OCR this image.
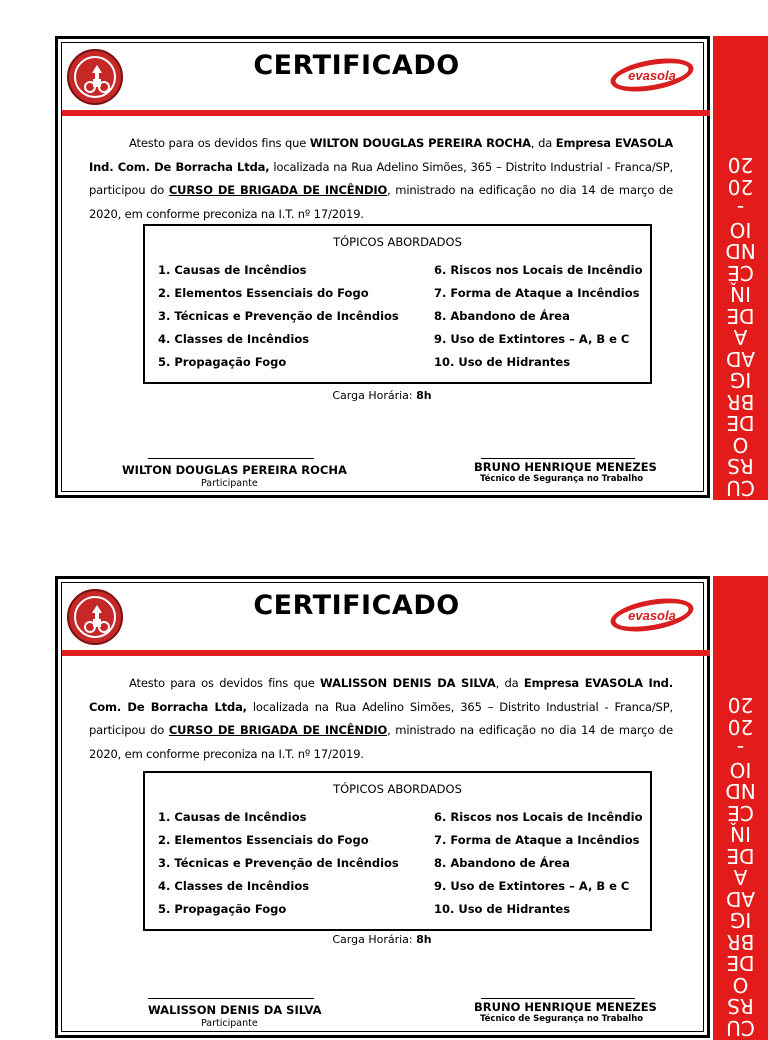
CERTIFICADO	evasola
Atesto para os devidos fins que WILTON DOUGLAS PEREIRA ROCHA, da Empresa EVASOLA Ind. Com. De Borracha Ltda, localizada na Rua Adelino Simões, 365 – Distrito Industrial - Franca/SP, participou do CURSO DE BRIGADA DE INCÊNDIO, ministrado na edificação no dia 14 de março de 2020, em conforme preconiza na I.T. nº 17/2019.
TÓPICOS ABORDADOS
1. Causas de Incêndios
2. Elementos Essenciais do Fogo
3. Técnicas e Prevenção de Incêndios
4. Classes de Incêndios
5. Propagação Fogo
6. Riscos nos Locais de Incêndio
7. Forma de Ataque a Incêndios
8. Abandono de Área
9. Uso de Extintores – A, B e C
10. Uso de Hidrantes
Carga Horária: 8h
WILTON DOUGLAS PEREIRA ROCHA
Participante
BRUNO HENRIQUE MENEZES
Técnico de Segurança no Trabalho	CU
RS
O
DE
BR
IG
AD
A
DE
IN
CÊ
ND
IO
-
20
20
CERTIFICADO	evasola
Atesto para os devidos fins que WALISSON DENIS DA SILVA, da Empresa EVASOLA Ind. Com. De Borracha Ltda, localizada na Rua Adelino Simões, 365 – Distrito Industrial - Franca/SP, participou do CURSO DE BRIGADA DE INCÊNDIO, ministrado na edificação no dia 14 de março de 2020, em conforme preconiza na I.T. nº 17/2019.
TÓPICOS ABORDADOS
1. Causas de Incêndios
2. Elementos Essenciais do Fogo
3. Técnicas e Prevenção de Incêndios
4. Classes de Incêndios
5. Propagação Fogo
6. Riscos nos Locais de Incêndio
7. Forma de Ataque a Incêndios
8. Abandono de Área
9. Uso de Extintores – A, B e C
10. Uso de Hidrantes
Carga Horária: 8h
WALISSON DENIS DA SILVA
Participante
BRUNO HENRIQUE MENEZES
Técnico de Segurança no Trabalho	CU
RS
O
DE
BR
IG
AD
A
DE
IN
CÊ
ND
IO
-
20
20
